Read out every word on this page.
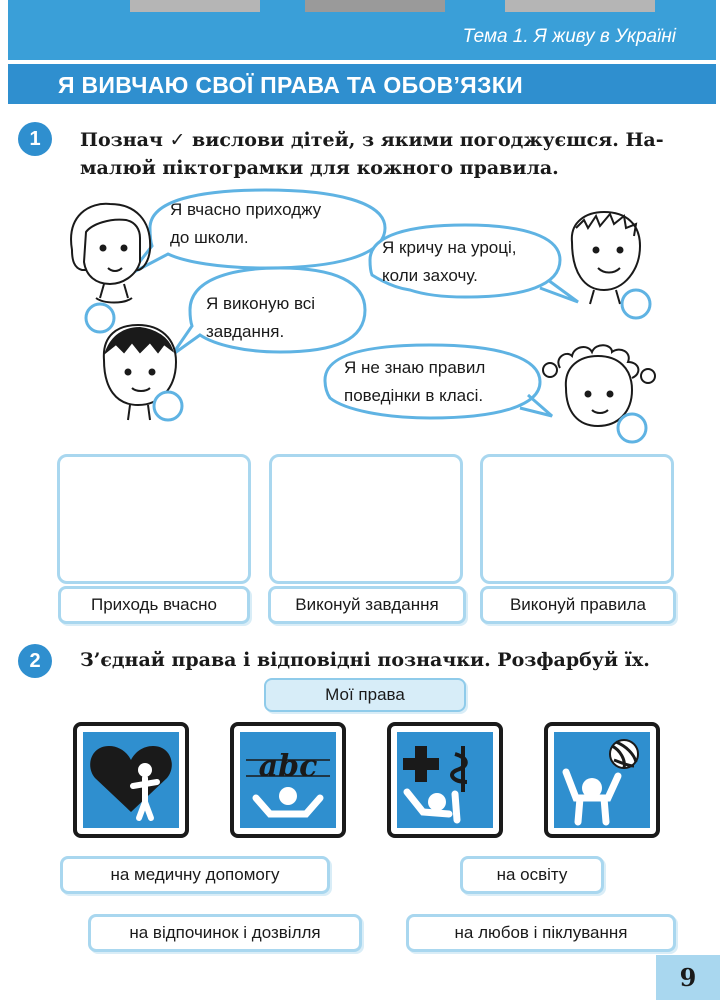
Тема 1. Я живу в Україні
Я ВИВЧАЮ СВОЇ ПРАВА ТА ОБОВ’ЯЗКИ
1	Познач ✓ вислови дітей, з якими погоджуєшся. На-
малюй піктограмки для кожного правила.
Я вчасно приходжу
до школи.
Я кричу на уроці,
коли захочу.
Я виконую всі
завдання.
Я не знаю правил
поведінки в класі.
Приходь вчасно	Виконуй завдання	Виконуй правила
2	З’єднай права і відповідні позначки. Розфарбуй їх.
Мої права
abc
на медичну допомогу	на освіту
на відпочинок і дозвілля	на любов і піклування
9
